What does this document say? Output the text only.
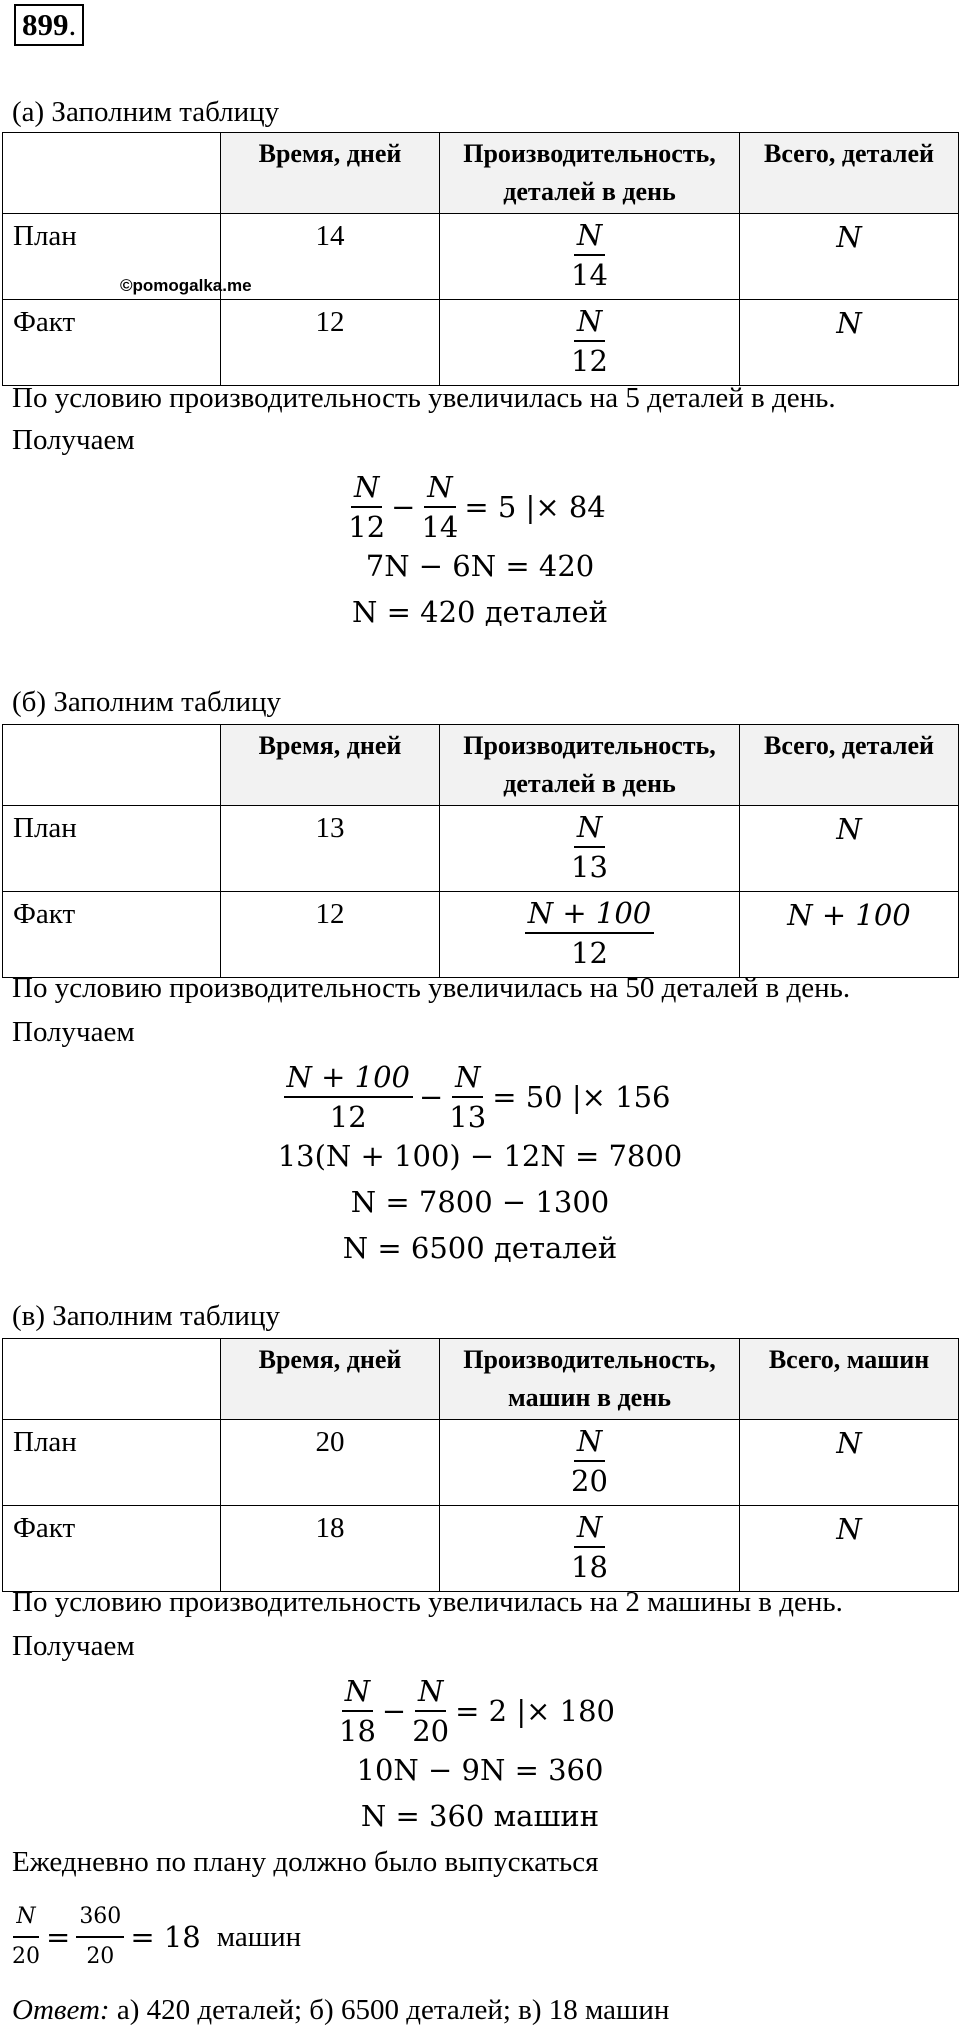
899.
(а) Заполним таблицу
	Время, дней	Производительность, деталей в день	Всего, деталей
План	14	$\frac{N}{14}$	N
Факт	12	$\frac{N}{12}$	N
©pomogalka.me
По условию производительность увеличилась на 5 деталей в день.
Получаем
$\frac{N}{12} - \frac{N}{14} = 5$ |× 84
7N − 6N = 420
N = 420 деталей
(б) Заполним таблицу
	Время, дней	Производительность, деталей в день	Всего, деталей
План	13	$\frac{N}{13}$	N
Факт	12	$\frac{N + 100}{12}$	N + 100
По условию производительность увеличилась на 50 деталей в день.
Получаем
$\frac{N + 100}{12} - \frac{N}{13} = 50$ |× 156
13(N + 100) − 12N = 7800
N = 7800 − 1300
N = 6500 деталей
(в) Заполним таблицу
	Время, дней	Производительность, машин в день	Всего, машин
План	20	$\frac{N}{20}$	N
Факт	18	$\frac{N}{18}$	N
По условию производительность увеличилась на 2 машины в день.
Получаем
$\frac{N}{18} - \frac{N}{20} = 2$ |× 180
10N − 9N = 360
N = 360 машин
Ежедневно по плану должно было выпускаться
$\frac{N}{20} = \frac{360}{20} = 18$ машин
Ответ: а) 420 деталей; б) 6500 деталей; в) 18 машин
